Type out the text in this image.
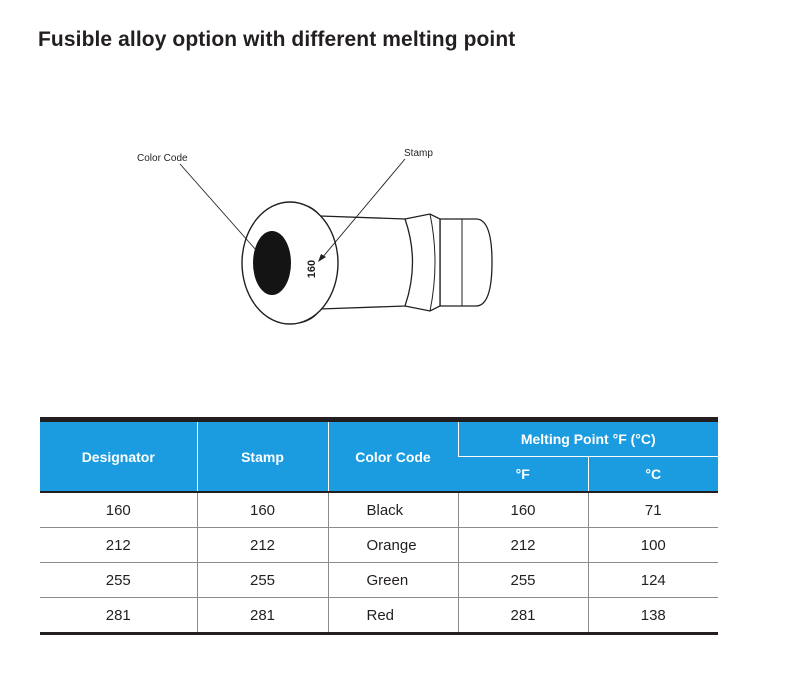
Fusible alloy option with different melting point
160
Color Code	Stamp
Designator	Stamp	Color Code	Melting Point °F (°C)	
			°F	°C
160	160	Black	160	71
212	212	Orange	212	100
255	255	Green	255	124
281	281	Red	281	138
